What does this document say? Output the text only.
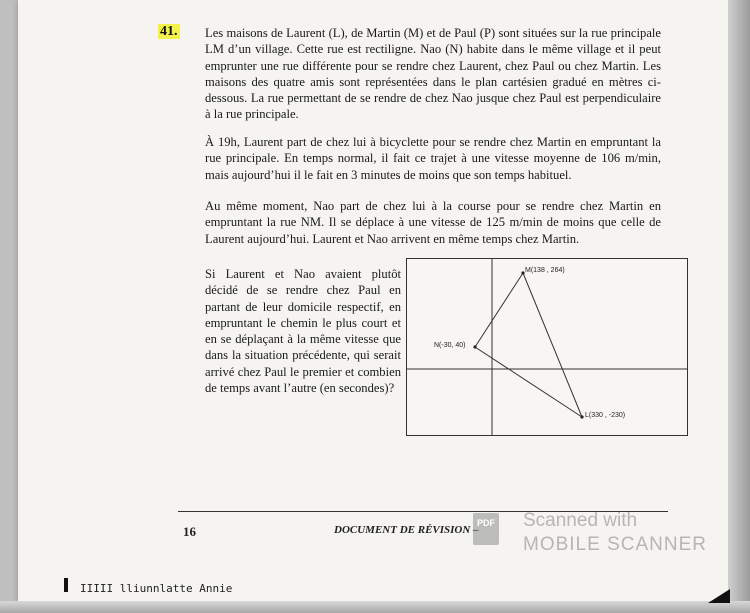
41.	Les maisons de Laurent (L), de Martin (M) et de Paul (P) sont situées sur la rue principale LM d’un village. Cette rue est rectiligne. Nao (N) habite dans le même village et il peut emprunter une rue différente pour se rendre chez Laurent, chez Paul ou chez Martin. Les maisons des quatre amis sont représentées dans le plan cartésien gradué en mètres ci-dessous. La rue permettant de se rendre de chez Nao jusque chez Paul est perpendiculaire à la rue principale.
À 19h, Laurent part de chez lui à bicyclette pour se rendre chez Martin en empruntant la rue principale. En temps normal, il fait ce trajet à une vitesse moyenne de 106 m/min, mais aujourd’hui il le fait en 3 minutes de moins que son temps habituel.
Au même moment, Nao part de chez lui à la course pour se rendre chez Martin en empruntant la rue NM. Il se déplace à une vitesse de 125 m/min de moins que celle de Laurent aujourd’hui. Laurent et Nao arrivent en même temps chez Martin.
Si Laurent et Nao avaient plutôt décidé de se rendre chez Paul en partant de leur domicile respectif, en empruntant le chemin le plus court et en se déplaçant à la même vitesse que dans la situation précédente, qui serait arrivé chez Paul le premier et combien de temps avant l’autre (en secondes)?
M(138 , 264)
N(-30, 40)
L(330 , -230)
16	DOCUMENT DE RÉVISION –
PDF Scanned with
MOBILE SCANNER
IIIII lliunnlatte Annie
